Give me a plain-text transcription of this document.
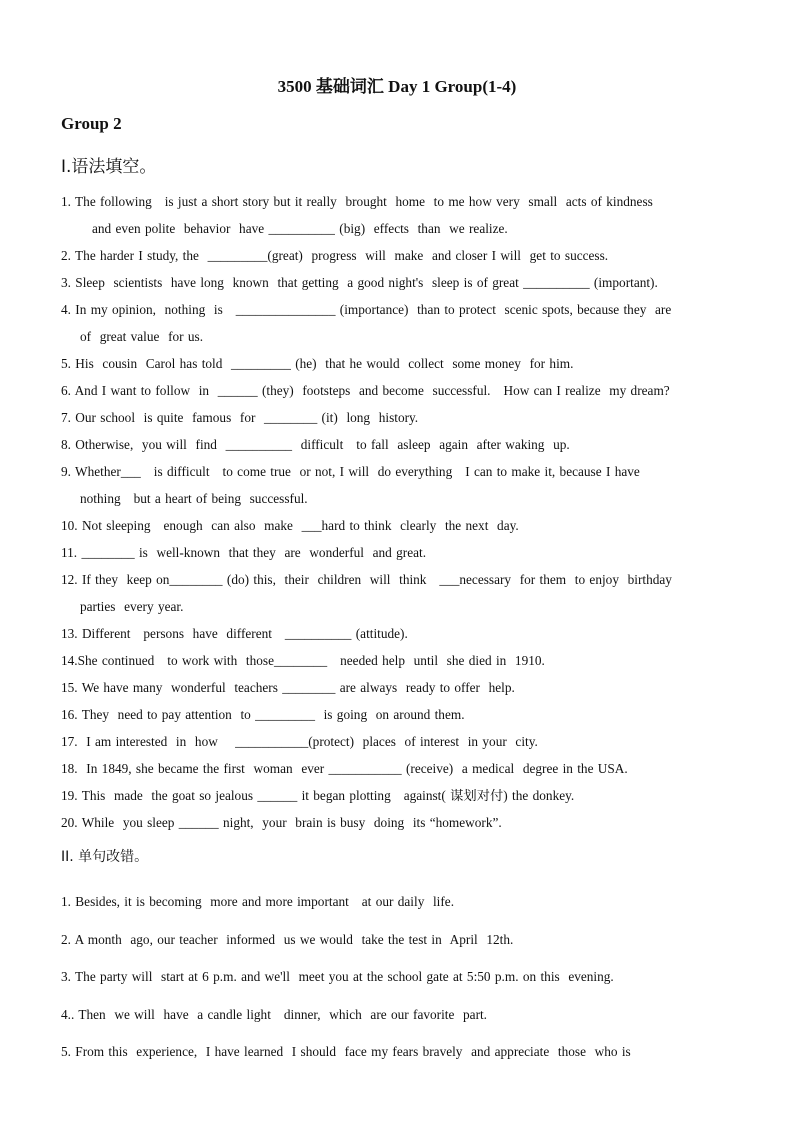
3500 基础词汇 Day 1 Group(1-4)
Group 2
I.语法填空。
1. The following   is just a short story but it really  brought  home  to me how very  small  acts of kindness
and even polite  behavior  have __________ (big)  effects  than  we realize.
2. The harder I study, the  _________(great)  progress  will  make  and closer I will  get to success.
3. Sleep  scientists  have long  known  that getting  a good night's  sleep is of great __________ (important).
4. In my opinion,  nothing  is   _______________ (importance)  than to protect  scenic spots, because they  are
of  great value  for us.
5. His  cousin  Carol has told  _________ (he)  that he would  collect  some money  for him.
6. And I want to follow  in  ______ (they)  footsteps  and become  successful.   How can I realize  my dream?
7. Our school  is quite  famous  for  ________ (it)  long  history.
8. Otherwise,  you will  find  __________  difficult   to fall  asleep  again  after waking  up.
9. Whether___   is difficult   to come true  or not, I will  do everything   I can to make it, because I have
nothing   but a heart of being  successful.
10. Not sleeping   enough  can also  make  ___hard to think  clearly  the next  day.
11. ________ is  well-known  that they  are  wonderful  and great.
12. If they  keep on________ (do) this,  their  children  will  think   ___necessary  for them  to enjoy  birthday
parties  every year.
13. Different   persons  have  different   __________ (attitude).
14.She continued   to work with  those________   needed help  until  she died in  1910.
15. We have many  wonderful  teachers ________ are always  ready to offer  help.
16. They  need to pay attention  to _________  is going  on around them.
17.  I am interested  in  how    ___________(protect)  places  of interest  in your  city.
18.  In 1849, she became the first  woman  ever ___________ (receive)  a medical  degree in the USA.
19. This  made  the goat so jealous ______ it began plotting   against( 谋划对付) the donkey.
20. While  you sleep ______ night,  your  brain is busy  doing  its “homework”.
II. 单句改错。
1. Besides, it is becoming  more and more important   at our daily  life.
2. A month  ago, our teacher  informed  us we would  take the test in  April  12th.
3. The party will  start at 6 p.m. and we'll  meet you at the school gate at 5:50 p.m. on this  evening.
4.. Then  we will  have  a candle light   dinner,  which  are our favorite  part.
5. From this  experience,  I have learned  I should  face my fears bravely  and appreciate  those  who is
